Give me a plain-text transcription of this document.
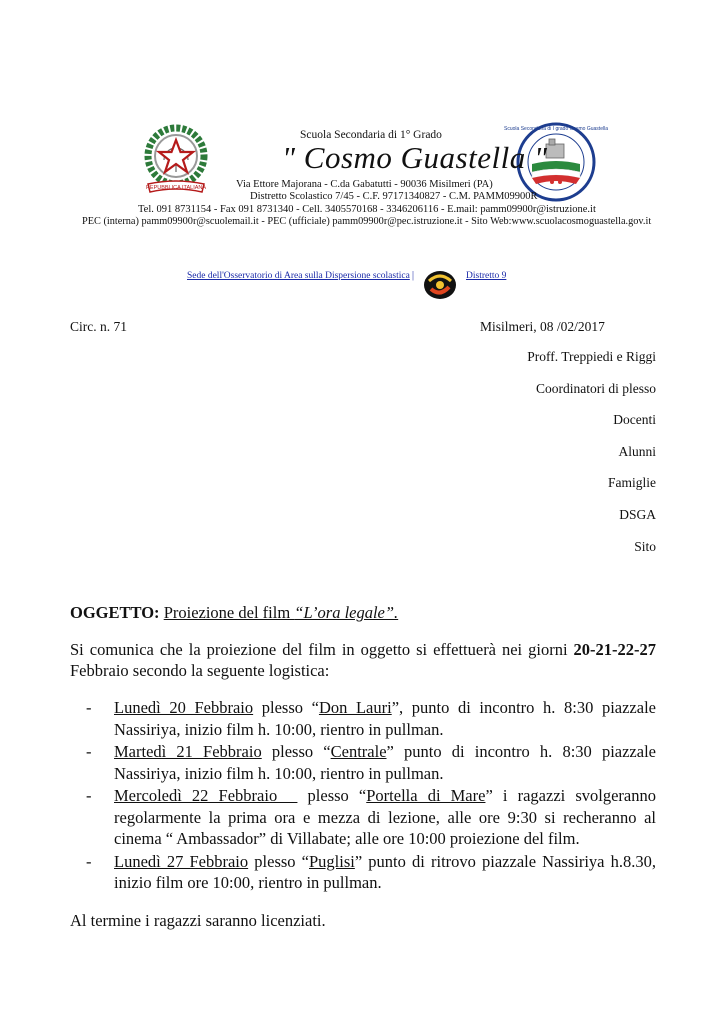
REPUBBLICA ITALIANA
Scuola Secondaria di I grado Cosmo Guastella
Scuola Secondaria di 1° Grado
" Cosmo Guastella "
Via Ettore Majorana - C.da Gabatutti - 90036 Misilmeri (PA)
Distretto Scolastico 7/45 - C.F. 97171340827 - C.M. PAMM09900R
Tel. 091 8731154 - Fax 091 8731340 - Cell. 3405570168 - 3346206116 - E.mail: pamm09900r@istruzione.it
PEC (interna) pamm09900r@scuolemail.it - PEC (ufficiale) pamm09900r@pec.istruzione.it - Sito Web:www.scuolacosmoguastella.gov.it
Sede dell'Osservatorio di Area sulla Dispersione scolastica |	Distretto 9
Circ. n. 71	Misilmeri, 08 /02/2017
Proff. Treppiedi e Riggi
Coordinatori di plesso
Docenti
Alunni
Famiglie
DSGA
Sito
OGGETTO: Proiezione del film “L’ora legale”.
Si comunica che la proiezione del film in oggetto si effettuerà nei giorni 20-21-22-27 Febbraio secondo la seguente logistica:
- Lunedì 20 Febbraio plesso “Don Lauri”, punto di incontro h. 8:30 piazzale Nassiriya, inizio film h. 10:00, rientro in pullman.
- Martedì 21 Febbraio plesso “Centrale” punto di incontro h. 8:30 piazzale Nassiriya, inizio film h. 10:00, rientro in pullman.
- Mercoledì 22 Febbraio   plesso “Portella di Mare” i ragazzi svolgeranno regolarmente la prima ora e mezza di lezione, alle ore 9:30 si recheranno al cinema “ Ambassador” di Villabate; alle ore 10:00 proiezione del film.
- Lunedì 27 Febbraio plesso “Puglisi” punto di ritrovo piazzale Nassiriya h.8.30, inizio film ore 10:00, rientro in pullman.
Al termine i ragazzi saranno licenziati.
